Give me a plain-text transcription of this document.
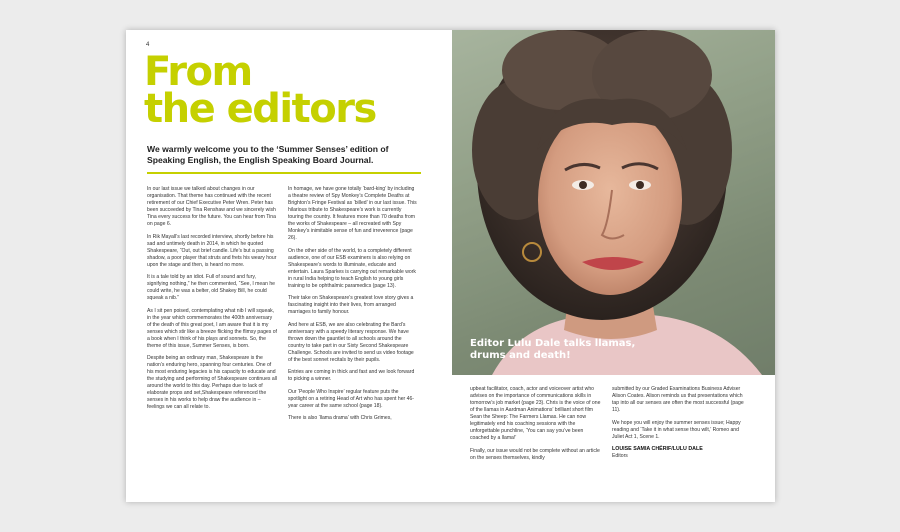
4
From
the editors

We warmly welcome you to the ‘Summer Senses’ edition of Speaking English, the English Speaking Board Journal.

In our last issue we talked about changes in our organisation. That theme has continued with the recent retirement of our Chief Executive Peter Wren. Peter has been succeeded by Tina Renshaw and we sincerely wish Tina every success for the future. You can hear from Tina on page 6.

In Rik Mayall’s last recorded interview, shortly before his sad and untimely death in 2014, in which he quoted Shakespeare, “Out, out brief candle. Life’s but a passing shadow, a poor player that struts and frets his weary hour upon the stage and then, is heard no more.

It is a tale told by an idiot. Full of sound and fury, signifying nothing,” he then commented, “See, I mean he could write, he was a belter, old Shakey Bill, he could squeak a nib.”

As I sit pen poised, contemplating what nib I will squeak, in the year which commemorates the 400th anniversary of the death of this great poet, I am aware that it is my senses which stir like a breeze flicking the flimsy pages of a book when I think of his plays and sonnets. So, the theme of this issue, Summer Senses, is born.

Despite being an ordinary man, Shakespeare is the nation’s enduring hero, spanning four centuries. One of his most enduring legacies is his capacity to educate and the studying and performing of Shakespeare continues all around the world to this day. Perhaps due to lack of elaborate props and set,Shakespeare referenced the senses in his works to help draw the audience in – feelings we can all relate to.

In homage, we have gone totally ‘bard-king’ by including a theatre review of Spy Monkey’s Complete Deaths at Brighton’s Fringe Festival as ‘billed’ in our last issue. This hilarious tribute to Shakespeare’s work is currently touring the country. It features more than 70 deaths from the works of Shakespeare – all recreated with Spy Monkey’s inimitable sense of fun and irreverence (page 26).

On the other side of the world, to a completely different audience, one of our ESB examiners is also relying on Shakespeare’s words to illuminate, educate and entertain. Laura Sparkes is carrying out remarkable work in rural India helping to teach English to young girls training to be ophthalmic paramedics (page 13).

Their take on Shakespeare’s greatest love story gives a fascinating insight into their lives, from arranged marriages to family honour.

And here at ESB, we are also celebrating the Bard’s anniversary with a speedy literary response. We have thrown down the gauntlet to all schools around the country to take part in our Sixty Second Shakespeare Challenge. Schools are invited to send us video footage of the best sonnet recitals by their pupils.

Entries are coming in thick and fast and we look forward to picking a winner.

Our ‘People Who Inspire’ regular feature puts the spotlight on a retiring Head of Art who has spent her 46-year career at the same school (page 18).

There is also ‘llama drama’ with Chris Grimes,

Editor Lulu Dale talks llamas, drums and death!

upbeat facilitator, coach, actor and voiceover artist who advises on the importance of communications skills in tomorrow’s job market (page 23). Chris is the voice of one of the llamas in Aardman Animations’ brilliant short film Sean the Sheep: The Farmers Llamas. He can now legitimately end his coaching sessions with the unforgettable punchline, ‘You can say you’ve been coached by a llama!’

Finally, our issue would not be complete without an article on the senses themselves, kindly

submitted by our Graded Examinations Business Adviser Alison Coates. Alison reminds us that presentations which tap into all our senses are often the most successful (page 11).

We hope you will enjoy the summer senses issue; Happy reading and ‘Take it in what sense thou wilt,’ Romeo and Juliet Act 1, Scene 1.

LOUISE SAMIA CHÉRIF/LULU DALE

Editors
